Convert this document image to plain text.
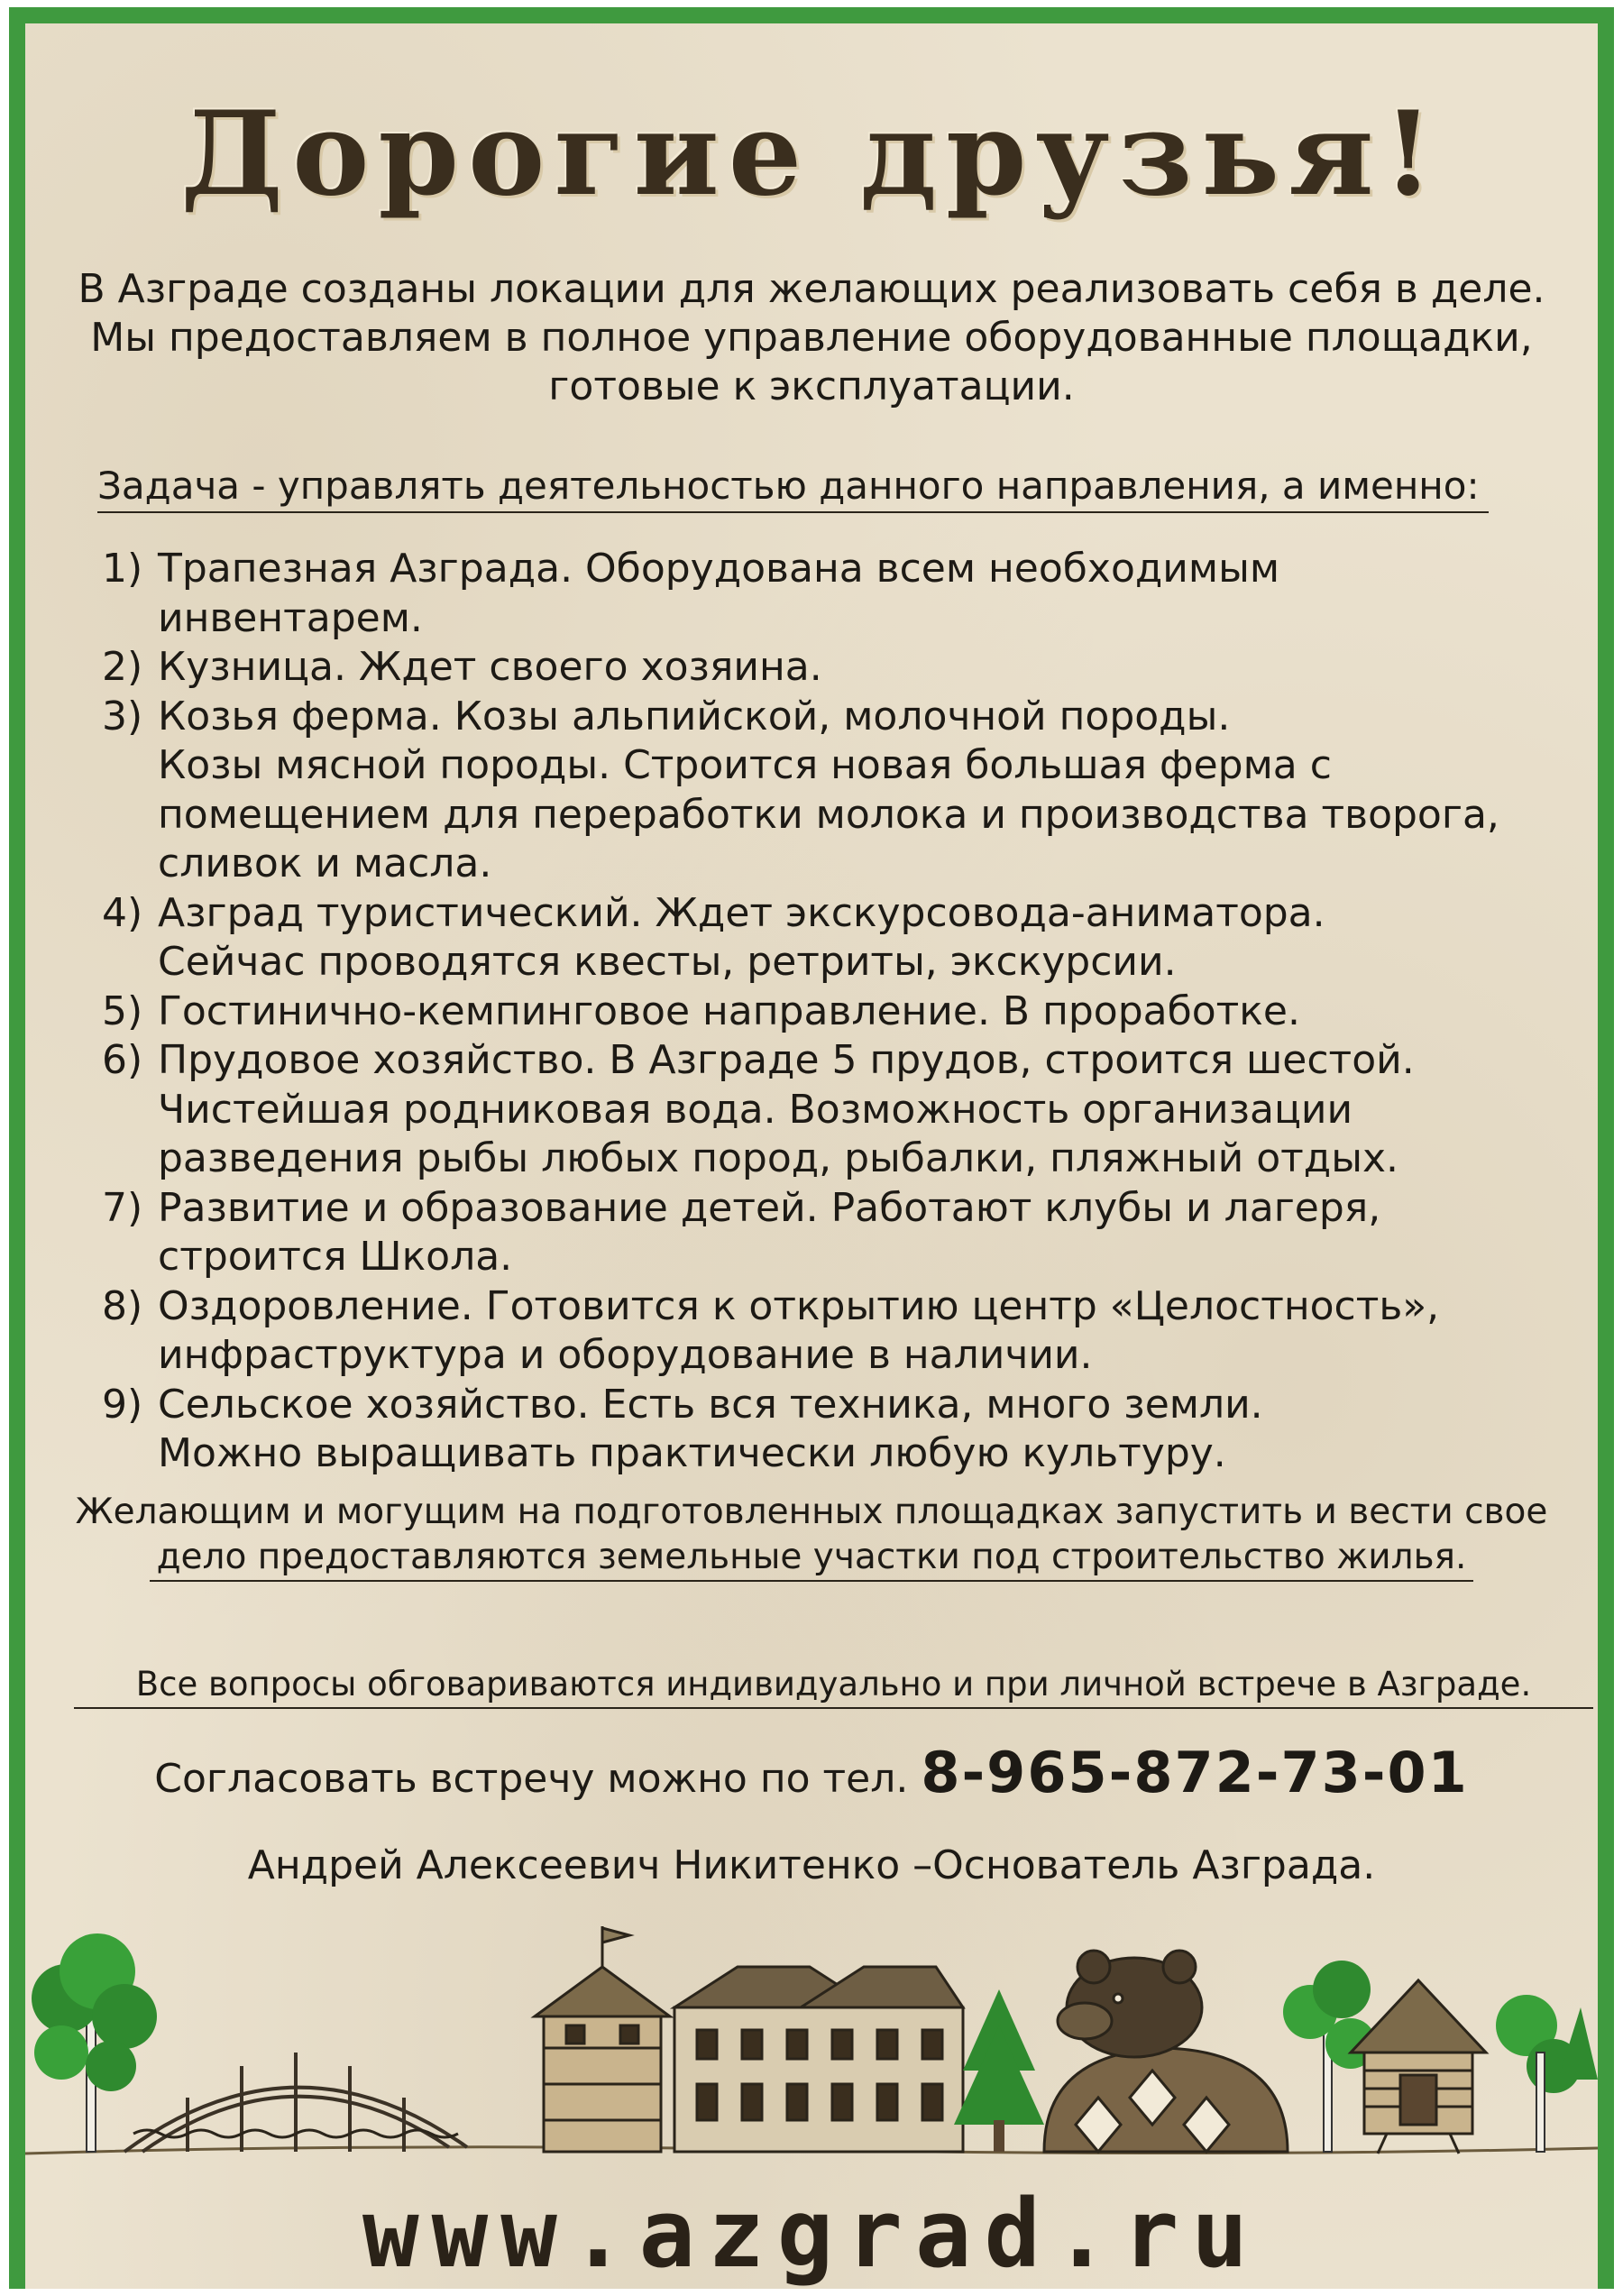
Дорогие друзья!
В Азграде созданы локации для желающих реализовать себя в деле.
Мы предоставляем в полное управление оборудованные площадки,
готовые к эксплуатации.
Задача - управлять деятельностью данного направления, а именно:
1) Трапезная Азграда. Оборудована всем необходимым инвентарем.
2) Кузница. Ждет своего хозяина.
3) Козья ферма. Козы альпийской, молочной породы.
Козы мясной породы. Строится новая большая ферма с
помещением для переработки молока и производства творога,
сливок и масла.
4) Азград туристический. Ждет экскурсовода-аниматора.
Сейчас проводятся квесты, ретриты, экскурсии.
5) Гостинично-кемпинговое направление. В проработке.
6) Прудовое хозяйство. В Азграде 5 прудов, строится шестой.
Чистейшая родниковая вода. Возможность организации
разведения рыбы любых пород, рыбалки, пляжный отдых.
7) Развитие и образование детей. Работают клубы и лагеря,
строится Школа.
8) Оздоровление. Готовится к открытию центр «Целостность»,
инфраструктура и оборудование в наличии.
9) Сельское хозяйство. Есть вся техника, много земли.
Можно выращивать практически любую культуру.
Желающим и могущим на подготовленных площадках запустить и вести свое
дело предоставляются земельные участки под строительство жилья.
Все вопросы обговариваются индивидуально и при личной встрече в Азграде.
Согласовать встречу можно по тел. 8-965-872-73-01
Андрей Алексеевич Никитенко –Основатель Азграда.
www.azgrad.ru
